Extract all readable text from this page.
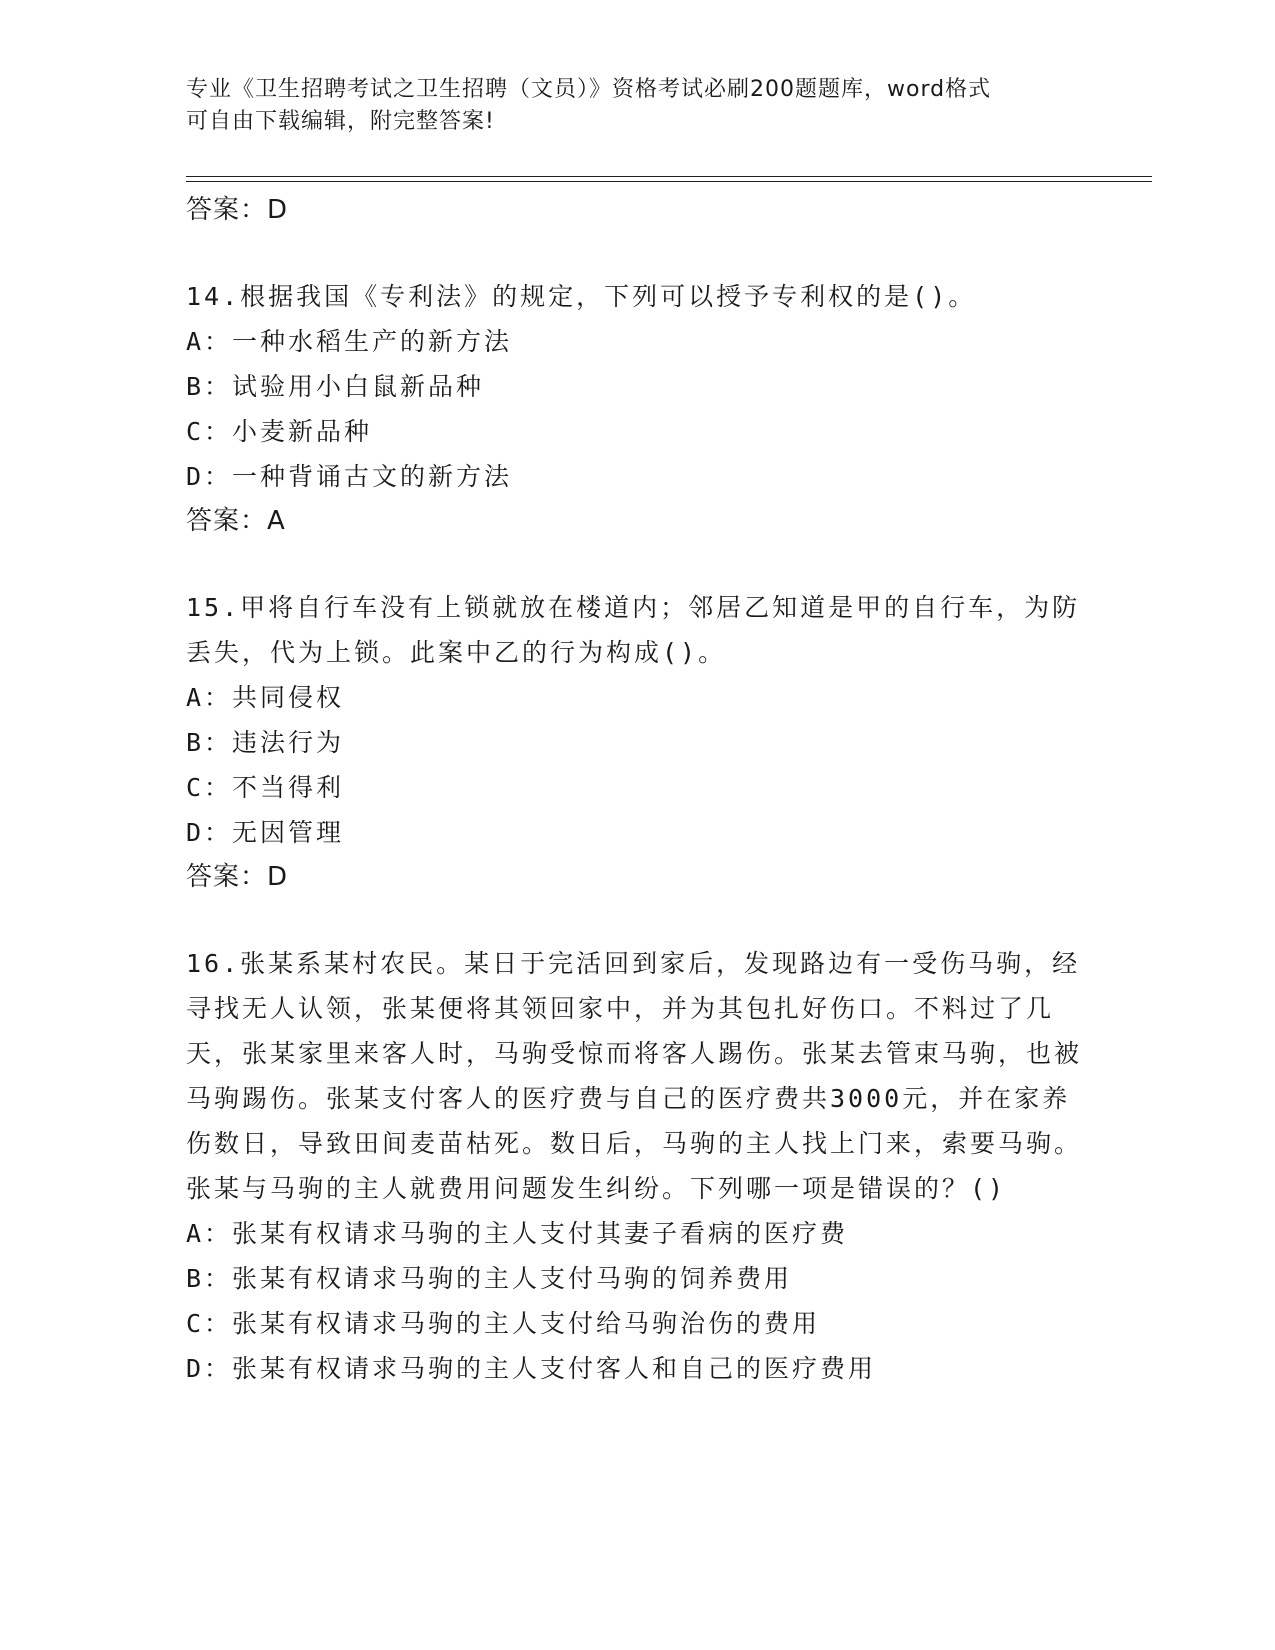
专业《卫生招聘考试之卫生招聘（文员）》资格考试必刷200题题库，word格式
可自由下载编辑，附完整答案!
答案：D
14.根据我国《专利法》的规定，下列可以授予专利权的是()。
A：一种水稻生产的新方法
B：试验用小白鼠新品种
C：小麦新品种
D：一种背诵古文的新方法
答案：A
15.甲将自行车没有上锁就放在楼道内；邻居乙知道是甲的自行车，为防丢失，代为上锁。此案中乙的行为构成()。
A：共同侵权
B：违法行为
C：不当得利
D：无因管理
答案：D
16.张某系某村农民。某日于完活回到家后，发现路边有一受伤马驹，经寻找无人认领，张某便将其领回家中，并为其包扎好伤口。不料过了几天，张某家里来客人时，马驹受惊而将客人踢伤。张某去管束马驹，也被马驹踢伤。张某支付客人的医疗费与自己的医疗费共3000元，并在家养伤数日，导致田间麦苗枯死。数日后，马驹的主人找上门来，索要马驹。张某与马驹的主人就费用问题发生纠纷。下列哪一项是错误的？()
A：张某有权请求马驹的主人支付其妻子看病的医疗费
B：张某有权请求马驹的主人支付马驹的饲养费用
C：张某有权请求马驹的主人支付给马驹治伤的费用
D：张某有权请求马驹的主人支付客人和自己的医疗费用
